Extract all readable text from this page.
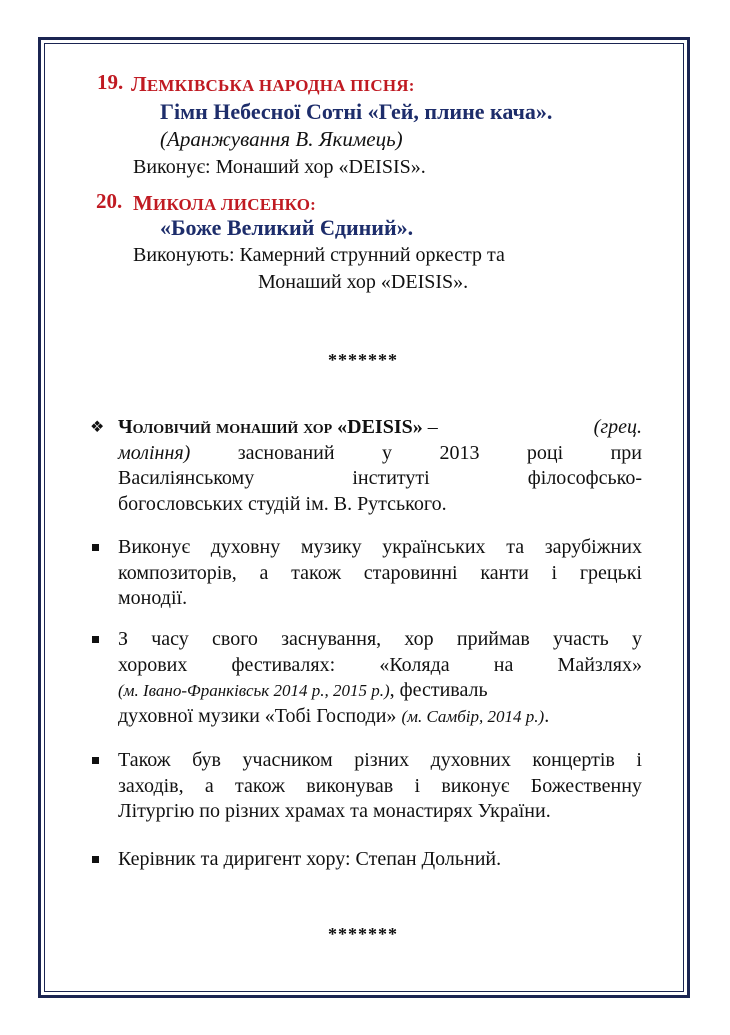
19. ЛЕМКІВСЬКА НАРОДНА ПІСНЯ:
Гімн Небесної Сотні «Гей, плине кача».
(Аранжування В. Якимець)
Виконує: Монаший хор «DEISIS».
20. МИКОЛА ЛИСЕНКО:
«Боже Великий Єдиний».
Виконують: Камерний струнний оркестр та
Монаший хор «DEISIS».
*******
❖ Чоловічий монаший хор «DEISIS» –	(грец.
моління) засновaний у 2013 році при
Василіянському	інституті	філософсько-
богословських студій ім. В. Рутського.
Виконує духовну музику українських та зарубіжних
композиторів, а також старовинні канти і грецькі
монодії.
З часу свого заснування, хор приймав участь у
хорових фестивалях: «Коляда на Майзлях»
(м. Івано-Франківськ 2014 р., 2015 р.) , фестиваль
духовної музики «Тобі Господи»
(м. Самбір, 2014 р.) .
Також був учасником різних духовних концертів і
заходів, а також виконував і виконує Божественну
Літургію по різних храмах та монастирях України.
Керівник та диригент хору: Степан Дольний.
*******
